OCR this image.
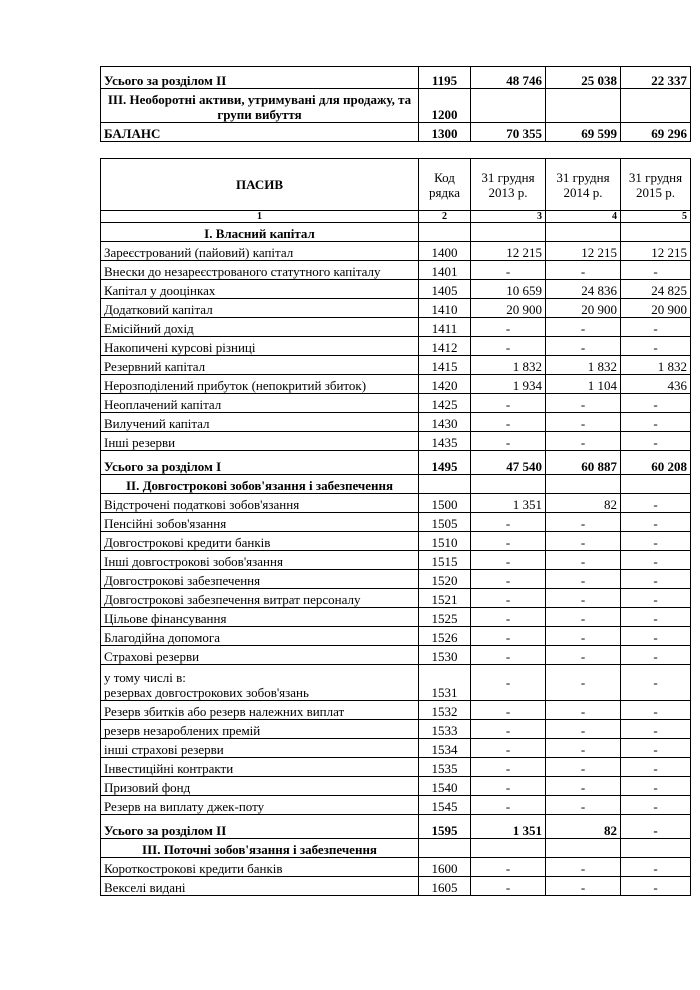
Усього за розділом II	1195	48 746	25 038	22 337
III. Необоротні активи, утримувані для продажу, та групи вибуття	1200			
БАЛАНС	1300	70 355	69 599	69 296
ПАСИВ	Код рядка	31 грудня 2013 р.	31 грудня 2014 р.	31 грудня 2015 р.
1	2	3	4	5
I. Власний капітал				
Зареєстрований (пайовий) капітал	1400	12 215	12 215	12 215
Внески до незареєстрованого статутного капіталу	1401	-	-	-
Капітал у дооцінках	1405	10 659	24 836	24 825
Додатковий капітал	1410	20 900	20 900	20 900
Емісійний дохід	1411	-	-	-
Накопичені курсові різниці	1412	-	-	-
Резервний капітал	1415	1 832	1 832	1 832
Нерозподілений прибуток (непокритий збиток)	1420	1 934	1 104	436
Неоплачений капітал	1425	-	-	-
Вилучений капітал	1430	-	-	-
Інші резерви	1435	-	-	-
Усього за розділом I	1495	47 540	60 887	60 208
II. Довгострокові зобов'язання і забезпечення				
Відстрочені податкові зобов'язання	1500	1 351	82	-
Пенсійні зобов'язання	1505	-	-	-
Довгострокові кредити банків	1510	-	-	-
Інші довгострокові зобов'язання	1515	-	-	-
Довгострокові забезпечення	1520	-	-	-
Довгострокові забезпечення витрат персоналу	1521	-	-	-
Цільове фінансування	1525	-	-	-
Благодійна допомога	1526	-	-	-
Страхові резерви	1530	-	-	-

у тому числі в:
резервах довгострокових зобов'язань	1531	-	-	-
Резерв збитків або резерв належних виплат	1532	-	-	-
резерв незароблених премій	1533	-	-	-
інші страхові резерви	1534	-	-	-
Інвестиційні контракти	1535	-	-	-
Призовий фонд	1540	-	-	-
Резерв на виплату джек-поту	1545	-	-	-
Усього за розділом II	1595	1 351	82	-
III. Поточні зобов'язання і забезпечення				
Короткострокові кредити банків	1600	-	-	-
Векселі видані	1605	-	-	-
